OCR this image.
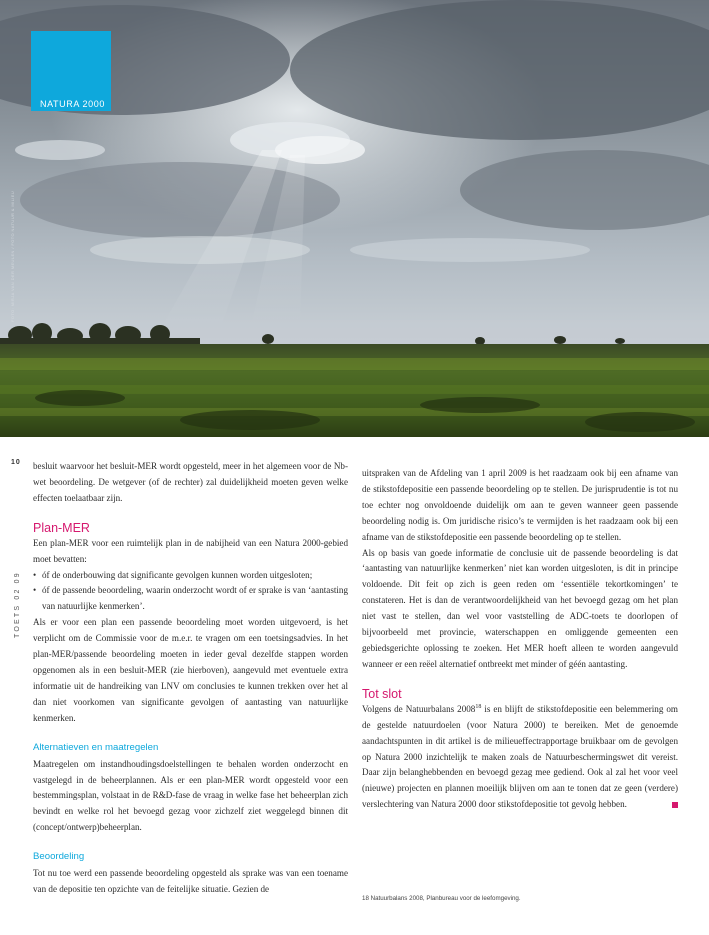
NATURA 2000
FOTO: MIRJA VAN DER MEULEN / FOTO NATUUR & MILIEU
10
TOETS 02 09

besluit waarvoor het besluit-MER wordt opgesteld, meer in het algemeen voor de Nb-wet beoordeling. De wetgever (of de rechter) zal duidelijkheid moeten geven welke effecten toelaatbaar zijn.

Plan-MER

Een plan-MER voor een ruimtelijk plan in de nabijheid van een Natura 2000-gebied moet bevatten:

• óf de onderbouwing dat significante gevolgen kunnen worden uitgesloten;
• óf de passende beoordeling, waarin onderzocht wordt of er sprake is van ‘aantasting van natuurlijke kenmerken’.

Als er voor een plan een passende beoordeling moet worden uitgevoerd, is het verplicht om de Commissie voor de m.e.r. te vragen om een toetsingsadvies. In het plan-MER/passende beoordeling moeten in ieder geval dezelfde stappen worden opgenomen als in een besluit-MER (zie hierboven), aangevuld met eventuele extra informatie uit de handreiking van LNV om conclusies te kunnen trekken over het al dan niet voorkomen van significante gevolgen of aantasting van natuurlijke kenmerken.

Alternatieven en maatregelen

Maatregelen om instandhoudingsdoelstellingen te behalen worden onderzocht en vastgelegd in de beheerplannen. Als er een plan-MER wordt opgesteld voor een bestemmingsplan, volstaat in de R&D-fase de vraag in welke fase het beheerplan zich bevindt en welke rol het bevoegd gezag voor zichzelf ziet weggelegd binnen dit (concept/ontwerp)beheerplan.

Beoordeling

Tot nu toe werd een passende beoordeling opgesteld als sprake was van een toename van de depositie ten opzichte van de feitelijke situatie. Gezien de

uitspraken van de Afdeling van 1 april 2009 is het raadzaam ook bij een afname van de stikstofdepositie een passende beoordeling op te stellen. De jurisprudentie is tot nu toe echter nog onvoldoende duidelijk om aan te geven wanneer geen passende beoordeling nodig is. Om juridische risico’s te vermijden is het raadzaam ook bij een afname van de stikstofdepositie een passende beoordeling op te stellen.

Als op basis van goede informatie de conclusie uit de passende beoordeling is dat ‘aantasting van natuurlijke kenmerken’ niet kan worden uitgesloten, is dit in principe voldoende. Dit feit op zich is geen reden om ‘essentiële tekortkomingen’ te constateren. Het is dan de verantwoordelijkheid van het bevoegd gezag om het plan niet vast te stellen, dan wel voor vaststelling de ADC-toets te doorlopen of bijvoorbeeld met provincie, waterschappen en omliggende gemeenten een gebiedsgerichte oplossing te zoeken. Het MER hoeft alleen te worden aangevuld wanneer er een reëel alternatief ontbreekt met minder of géén aantasting.

Tot slot

Volgens de Natuurbalans 2008$^{18}$ is en blijft de stikstofdepositie een belemmering om de gestelde natuurdoelen (voor Natura 2000) te bereiken. Met de genoemde aandachtspunten in dit artikel is de milieueffectrapportage bruikbaar om de gevolgen op Natura 2000 inzichtelijk te maken zoals de Natuurbeschermingswet dit vereist. Daar zijn belanghebbenden en bevoegd gezag mee gediend. Ook al zal het voor veel (nieuwe) projecten en plannen moeilijk blijven om aan te tonen dat ze geen (verdere) verslechtering van Natura 2000 door stikstofdepositie tot gevolg hebben.

18 Natuurbalans 2008, Planbureau voor de leefomgeving.
